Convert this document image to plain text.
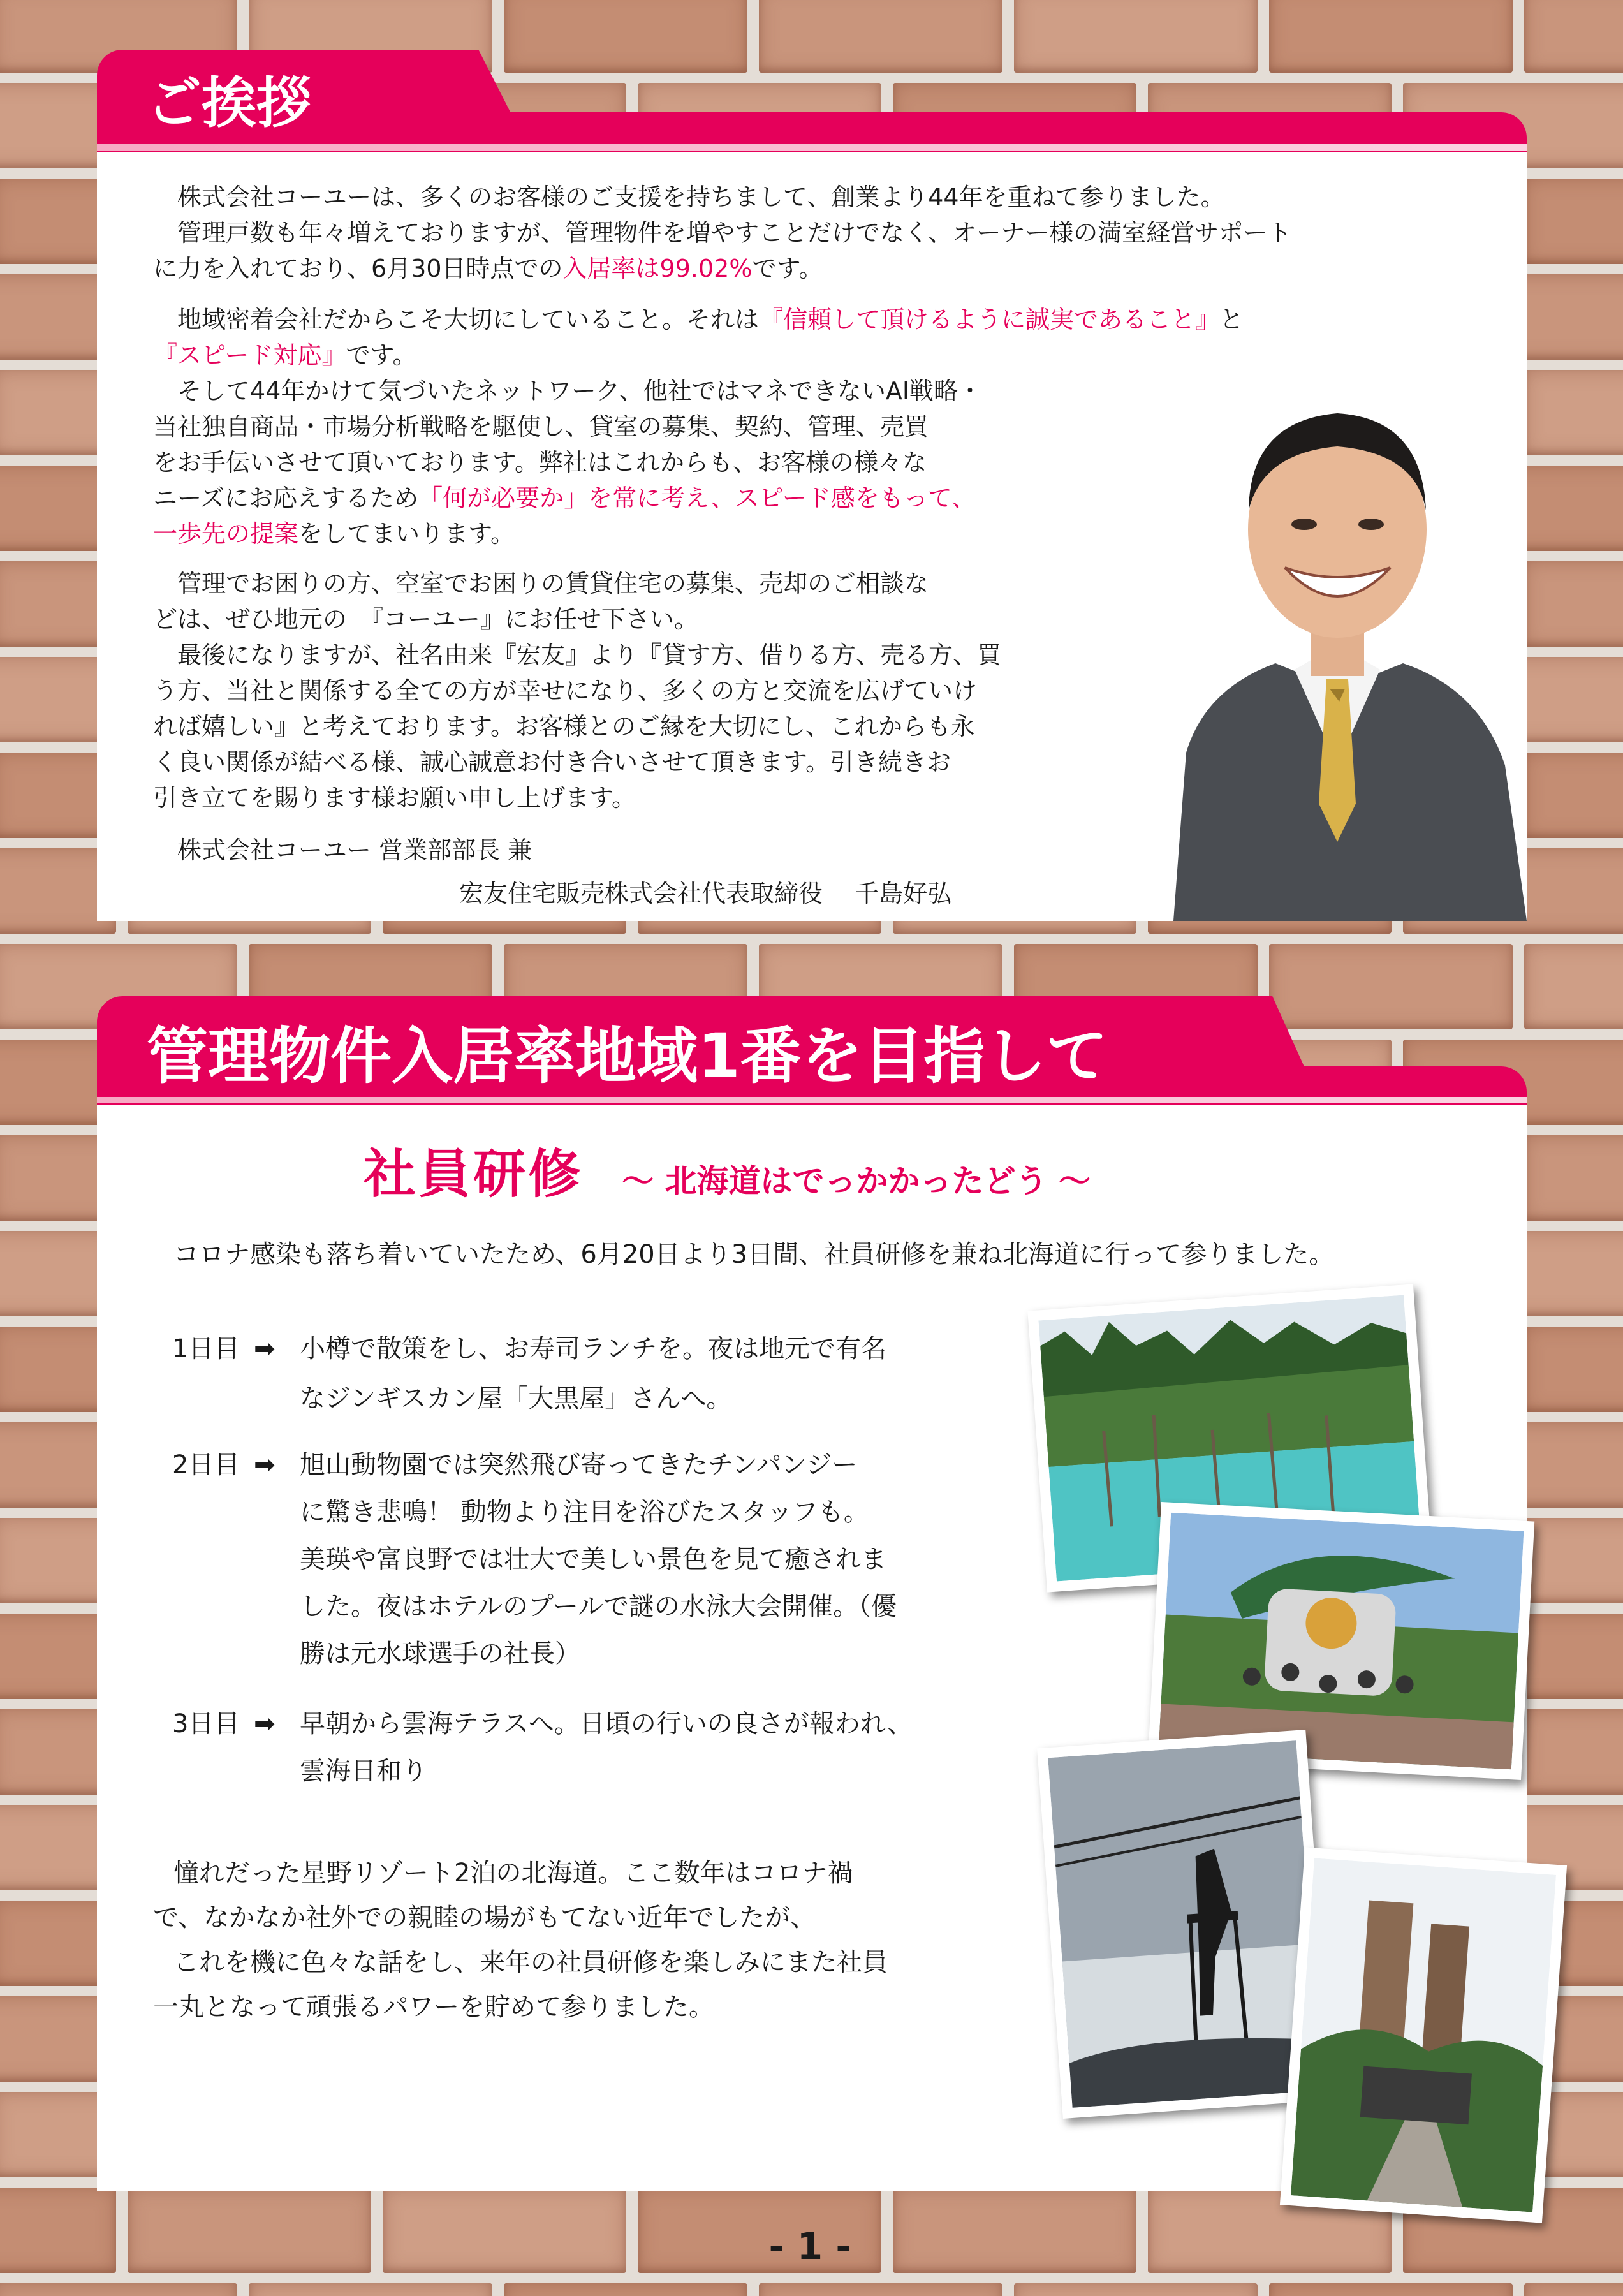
ご挨拶

株式会社コーユーは、多くのお客様のご支援を持ちまして、創業より44年を重ねて参りました。

管理戸数も年々増えておりますが、管理物件を増やすことだけでなく、オーナー様の満室経営サポート

に力を入れており、6月30日時点での入居率は99.02%です。

地域密着会社だからこそ大切にしていること。それは『信頼して頂けるように誠実であること』と

『スピード対応』です。

そして44年かけて気づいたネットワーク、他社ではマネできないAI戦略・

当社独自商品・市場分析戦略を駆使し、貸室の募集、契約、管理、売買

をお手伝いさせて頂いております。弊社はこれからも、お客様の様々な

ニーズにお応えするため「何が必要か」を常に考え、スピード感をもって、

一歩先の提案をしてまいります。

管理でお困りの方、空室でお困りの賃貸住宅の募集、売却のご相談な

どは、ぜひ地元の　『コーユー』にお任せ下さい。

最後になりますが、社名由来『宏友』より『貸す方、借りる方、売る方、買

う方、当社と関係する全ての方が幸せになり、多くの方と交流を広げていけ

れば嬉しい』と考えております。お客様とのご縁を大切にし、これからも永

く良い関係が結べる様、誠心誠意お付き合いさせて頂きます。引き続きお

引き立てを賜ります様お願い申し上げます。

株式会社コーユー 営業部部長 兼

宏友住宅販売株式会社代表取締役　 千島好弘

管理物件入居率地域1番を目指して
社員研修 ～ 北海道はでっかかったどう ～

コロナ感染も落ち着いていたため、6月20日より3日間、社員研修を兼ね北海道に行って参りました。

1日目 ➡ 小樽で散策をし、お寿司ランチを。夜は地元で有名
なジンギスカン屋「大黒屋」さんへ。
2日目 ➡ 旭山動物園では突然飛び寄ってきたチンパンジー
に驚き悲鳴！ 動物より注目を浴びたスタッフも。
美瑛や富良野では壮大で美しい景色を見て癒されま
した。夜はホテルのプールで謎の水泳大会開催。（優
勝は元水球選手の社長）
3日目 ➡ 早朝から雲海テラスへ。日頃の行いの良さが報われ、
雲海日和り

憧れだった星野リゾート2泊の北海道。ここ数年はコロナ禍

で、なかなか社外での親睦の場がもてない近年でしたが、

これを機に色々な話をし、来年の社員研修を楽しみにまた社員

一丸となって頑張るパワーを貯めて参りました。

- 1 -
